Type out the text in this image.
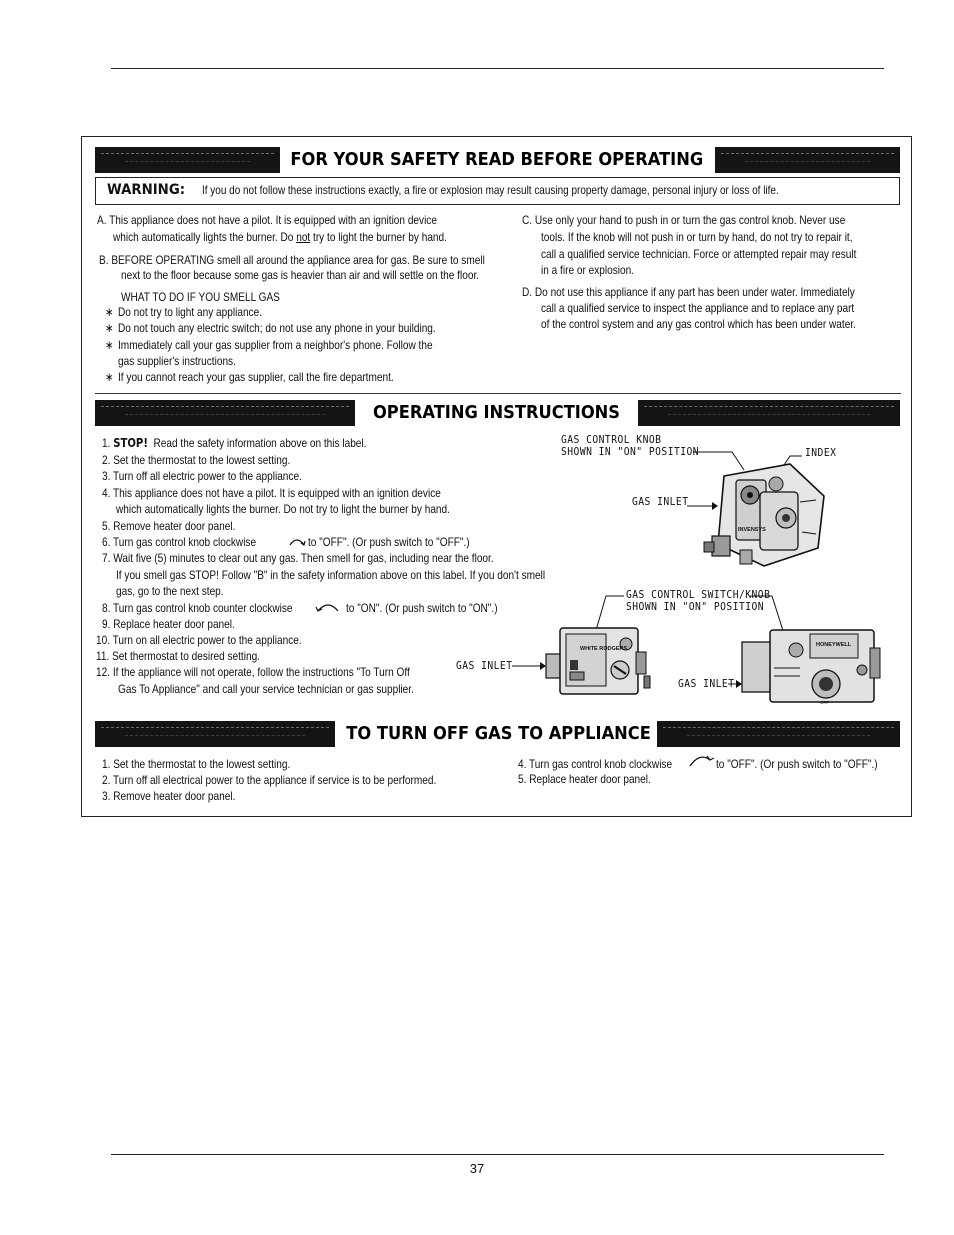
FOR YOUR SAFETY READ BEFORE OPERATING
WARNING: If you do not follow these instructions exactly, a fire or explosion may result causing property damage, personal injury or loss of life.
A. This appliance does not have a pilot. It is equipped with an ignition device
which automatically lights the burner. Do not try to light the burner by hand.
B. BEFORE OPERATING smell all around the appliance area for gas. Be sure to smell
next to the floor because some gas is heavier than air and will settle on the floor.
WHAT TO DO IF YOU SMELL GAS
∗ Do not try to light any appliance.
∗ Do not touch any electric switch; do not use any phone in your building.
∗ Immediately call your gas supplier from a neighbor's phone. Follow the
gas supplier's instructions.
∗ If you cannot reach your gas supplier, call the fire department.
C. Use only your hand to push in or turn the gas control knob. Never use
tools. If the knob will not push in or turn by hand, do not try to repair it,
call a qualified service technician. Force or attempted repair may result
in a fire or explosion.
D. Do not use this appliance if any part has been under water. Immediately
call a qualified service to inspect the appliance and to replace any part
of the control system and any gas control which has been under water.
OPERATING INSTRUCTIONS
1. STOP! Read the safety information above on this label.
2. Set the thermostat to the lowest setting.
3. Turn off all electric power to the appliance.
4. This appliance does not have a pilot. It is equipped with an ignition device
which automatically lights the burner. Do not try to light the burner by hand.
5. Remove heater door panel.
6. Turn gas control knob clockwise	to "OFF". (Or push switch to "OFF".)
7. Wait five (5) minutes to clear out any gas. Then smell for gas, including near the floor.
If you smell gas STOP! Follow "B" in the safety information above on this label. If you don't smell
gas, go to the next step.
8. Turn gas control knob counter clockwise	to "ON". (Or push switch to "ON".)
9. Replace heater door panel.
10. Turn on all electric power to the appliance.
11. Set thermostat to desired setting.
12. If the appliance will not operate, follow the instructions "To Turn Off
Gas To Appliance" and call your service technician or gas supplier.
GAS CONTROL KNOB
SHOWN IN "ON" POSITION	INDEX
GAS INLET
GAS CONTROL SWITCH/KNOB
SHOWN IN "ON" POSITION
GAS INLET
GAS INLET
INVENSYS
WHITE RODGERS
HONEYWELL
OFF
TO TURN OFF GAS TO APPLIANCE
1. Set the thermostat to the lowest setting.
2. Turn off all electrical power to the appliance if service is to be performed.
3. Remove heater door panel.
4. Turn gas control knob clockwise	to "OFF". (Or push switch to "OFF".)
5. Replace heater door panel.
37
